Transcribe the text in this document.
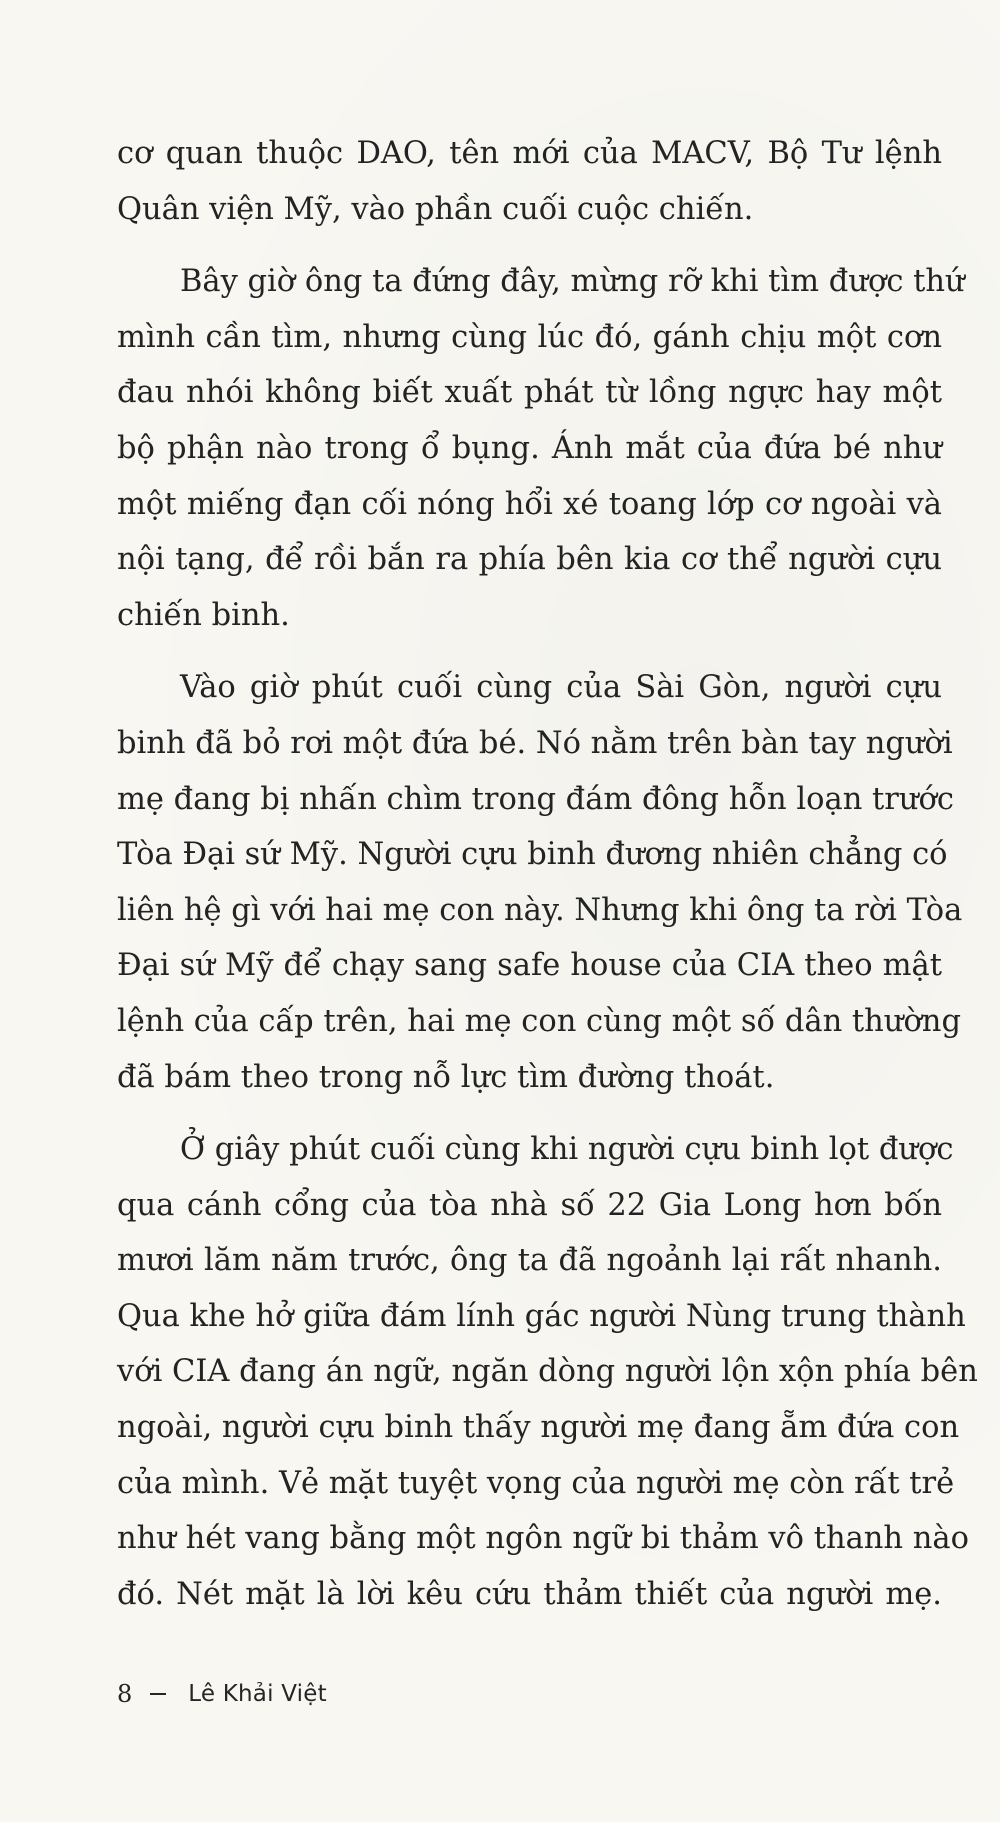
cơ quan thuộc DAO, tên mới của MACV, Bộ Tư lệnh
Quân viện Mỹ, vào phần cuối cuộc chiến.
Bây giờ ông ta đứng đây, mừng rỡ khi tìm được thứ
mình cần tìm, nhưng cùng lúc đó, gánh chịu một cơn
đau nhói không biết xuất phát từ lồng ngực hay một
bộ phận nào trong ổ bụng. Ánh mắt của đứa bé như
một miếng đạn cối nóng hổi xé toang lớp cơ ngoài và
nội tạng, để rồi bắn ra phía bên kia cơ thể người cựu
chiến binh.
Vào giờ phút cuối cùng của Sài Gòn, người cựu
binh đã bỏ rơi một đứa bé. Nó nằm trên bàn tay người
mẹ đang bị nhấn chìm trong đám đông hỗn loạn trước
Tòa Đại sứ Mỹ. Người cựu binh đương nhiên chẳng có
liên hệ gì với hai mẹ con này. Nhưng khi ông ta rời Tòa
Đại sứ Mỹ để chạy sang safe house của CIA theo mật
lệnh của cấp trên, hai mẹ con cùng một số dân thường
đã bám theo trong nỗ lực tìm đường thoát.
Ở giây phút cuối cùng khi người cựu binh lọt được
qua cánh cổng của tòa nhà số 22 Gia Long hơn bốn
mươi lăm năm trước, ông ta đã ngoảnh lại rất nhanh.
Qua khe hở giữa đám lính gác người Nùng trung thành
với CIA đang án ngữ, ngăn dòng người lộn xộn phía bên
ngoài, người cựu binh thấy người mẹ đang ẵm đứa con
của mình. Vẻ mặt tuyệt vọng của người mẹ còn rất trẻ
như hét vang bằng một ngôn ngữ bi thảm vô thanh nào
đó. Nét mặt là lời kêu cứu thảm thiết của người mẹ.
8 Lê Khải Việt
